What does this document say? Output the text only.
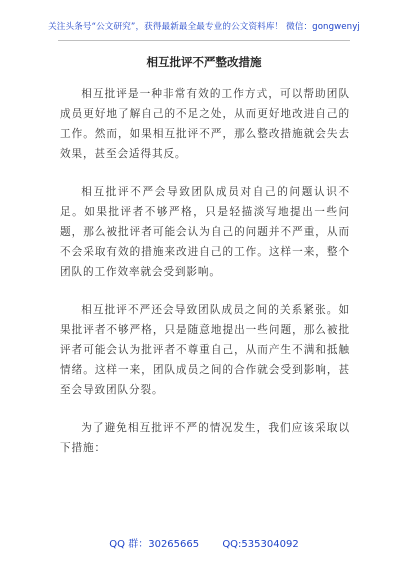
关注头条号“公文研究”，获得最新最全最专业的公文资料库！ 微信：gongwenyj
相互批评不严整改措施

相互批评是一种非常有效的工作方式，可以帮助团队成员更好地了解自己的不足之处，从而更好地改进自己的工作。然而，如果相互批评不严，那么整改措施就会失去效果，甚至会适得其反。

相互批评不严会导致团队成员对自己的问题认识不足。如果批评者不够严格，只是轻描淡写地提出一些问题，那么被批评者可能会认为自己的问题并不严重，从而不会采取有效的措施来改进自己的工作。这样一来，整个团队的工作效率就会受到影响。

相互批评不严还会导致团队成员之间的关系紧张。如果批评者不够严格，只是随意地提出一些问题，那么被批评者可能会认为批评者不尊重自己，从而产生不满和抵触情绪。这样一来，团队成员之间的合作就会受到影响，甚至会导致团队分裂。

为了避免相互批评不严的情况发生，我们应该采取以下措施：

QQ 群：30265665 QQ:535304092
